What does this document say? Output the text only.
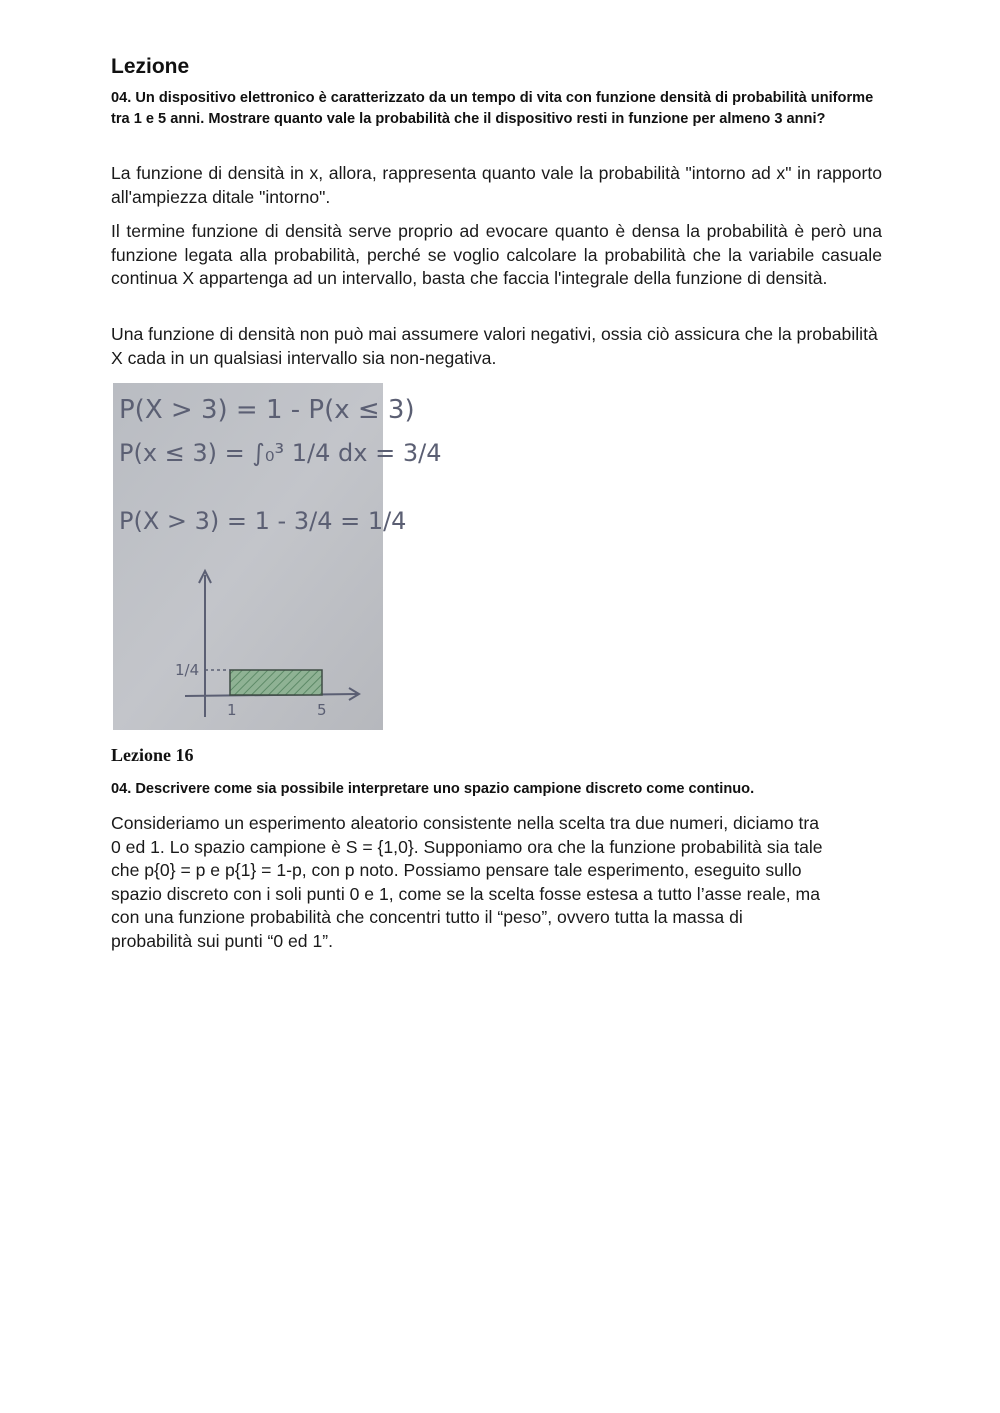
Lezione

04. Un dispositivo elettronico è caratterizzato da un tempo di vita con funzione densità di probabilità uniforme tra 1 e 5 anni. Mostrare quanto vale la probabilità che il dispositivo resti in funzione per almeno 3 anni?

La funzione di densità in x, allora, rappresenta quanto vale la probabilità "intorno ad x" in rapporto all'ampiezza ditale "intorno".

Il termine funzione di densità serve proprio ad evocare quanto è densa la probabilità è però una funzione legata alla probabilità, perché se voglio calcolare la probabilità che la variabile casuale continua X appartenga ad un intervallo, basta che faccia l'integrale della funzione di densità.

Una funzione di densità non può mai assumere valori negativi, ossia ciò assicura che la probabilità X cada in un qualsiasi intervallo sia non-negativa.

P(X > 3) = 1 - P(x ≤ 3)
P(x ≤ 3) = ∫₀³ 1/4 dx = 3/4
P(X > 3) = 1 - 3/4 = 1/4
1/4
1	5
Lezione 16

04. Descrivere come sia possibile interpretare uno spazio campione discreto come continuo.

Consideriamo un esperimento aleatorio consistente nella scelta tra due numeri, diciamo tra
0 ed 1. Lo spazio campione è S = {1,0}. Supponiamo ora che la funzione probabilità sia tale
che p{0} = p e p{1} = 1-p, con p noto. Possiamo pensare tale esperimento, eseguito sullo
spazio discreto con i soli punti 0 e 1, come se la scelta fosse estesa a tutto l’asse reale, ma
con una funzione probabilità che concentri tutto il “peso”, ovvero tutta la massa di
probabilità sui punti “0 ed 1”.
